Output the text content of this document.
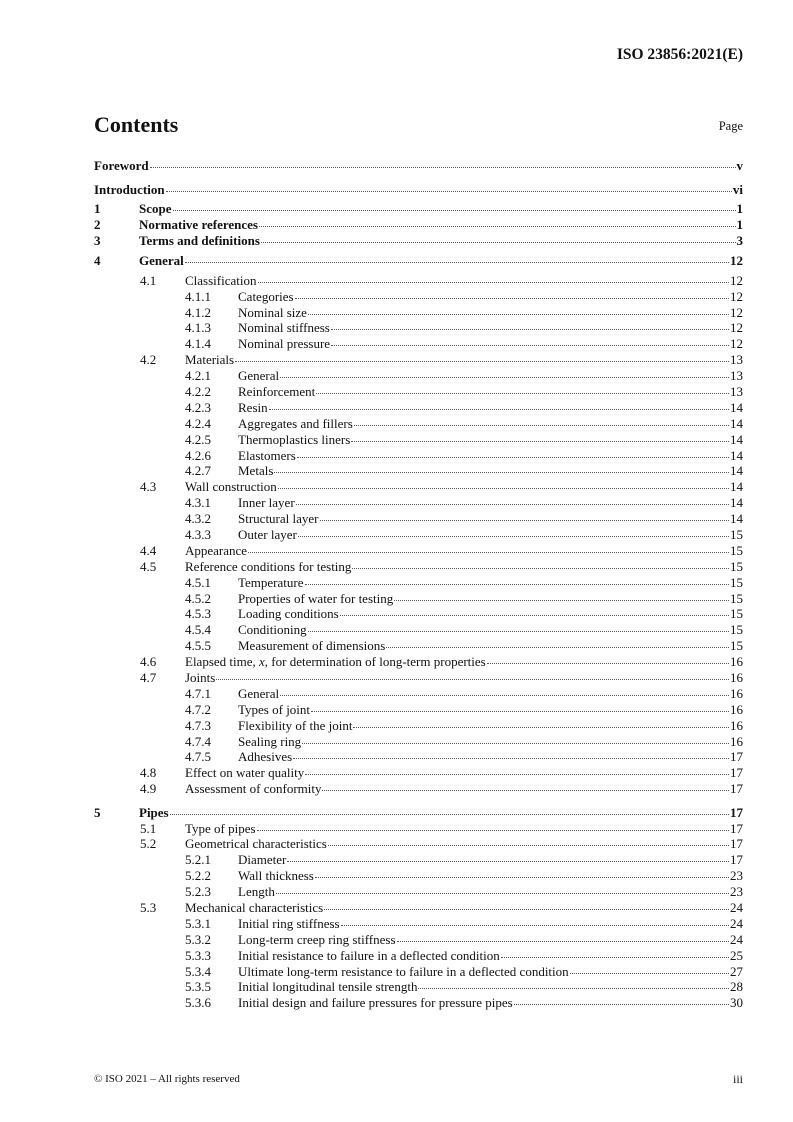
ISO 23856:2021(E)
Contents	Page
Foreword	v
Introduction	vi
1	Scope	1
2	Normative references	1
3	Terms and definitions	3
4	General	12
4.1	Classification	12
4.1.1	Categories	12
4.1.2	Nominal size	12
4.1.3	Nominal stiffness	12
4.1.4	Nominal pressure	12
4.2	Materials	13
4.2.1	General	13
4.2.2	Reinforcement	13
4.2.3	Resin	14
4.2.4	Aggregates and fillers	14
4.2.5	Thermoplastics liners	14
4.2.6	Elastomers	14
4.2.7	Metals	14
4.3	Wall construction	14
4.3.1	Inner layer	14
4.3.2	Structural layer	14
4.3.3	Outer layer	15
4.4	Appearance	15
4.5	Reference conditions for testing	15
4.5.1	Temperature	15
4.5.2	Properties of water for testing	15
4.5.3	Loading conditions	15
4.5.4	Conditioning	15
4.5.5	Measurement of dimensions	15
4.6	Elapsed time, x, for determination of long-term properties	16
4.7	Joints	16
4.7.1	General	16
4.7.2	Types of joint	16
4.7.3	Flexibility of the joint	16
4.7.4	Sealing ring	16
4.7.5	Adhesives	17
4.8	Effect on water quality	17
4.9	Assessment of conformity	17
5	Pipes	17
5.1	Type of pipes	17
5.2	Geometrical characteristics	17
5.2.1	Diameter	17
5.2.2	Wall thickness	23
5.2.3	Length	23
5.3	Mechanical characteristics	24
5.3.1	Initial ring stiffness	24
5.3.2	Long-term creep ring stiffness	24
5.3.3	Initial resistance to failure in a deflected condition	25
5.3.4	Ultimate long-term resistance to failure in a deflected condition	27
5.3.5	Initial longitudinal tensile strength	28
5.3.6	Initial design and failure pressures for pressure pipes	30
© ISO 2021 – All rights reserved	iii
